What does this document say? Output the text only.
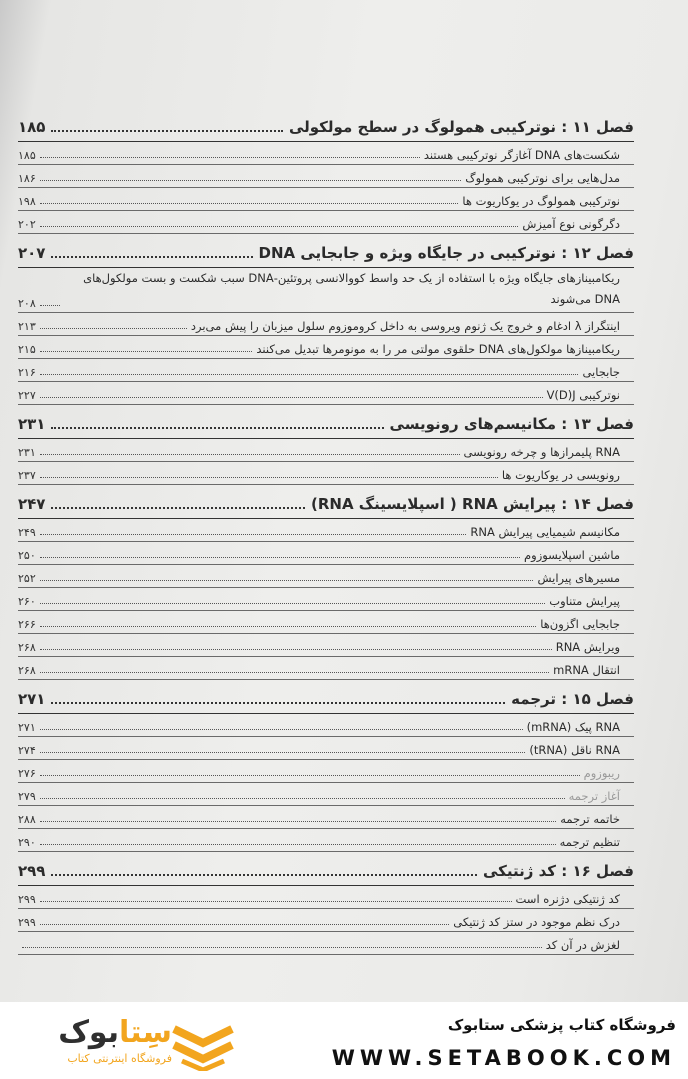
فصل ۱۱ : نوترکیبی همولوگ در سطح مولکولی
۱۸۵
شکست‌های DNA آغازگر نوترکیبی هستند
۱۸۵
مدل‌هایی برای نوترکیبی همولوگ
۱۸۶
نوترکیبی همولوگ در یوکاریوت ها
۱۹۸
دگرگونی نوع آمیزش
۲۰۲
فصل ۱۲ : نوترکیبی در جایگاه ویژه و جابجایی DNA
۲۰۷
ریکامبینازهای جایگاه ویژه با استفاده از یک حد واسط کووالانسی پروتئین-DNA سبب شکست و بست مولکول‌های DNA می‌شوند
۲۰۸
اینتگراز λ ادغام و خروج یک ژنوم ویروسی به داخل کروموزوم سلول میزبان را پیش می‌برد
۲۱۳
ریکامبینازها مولکول‌های DNA حلقوی مولتی مر را به مونومرها تبدیل می‌کنند
۲۱۵
جابجایی
۲۱۶
نوترکیبی V(D)J
۲۲۷
فصل ۱۳ : مکانیسم‌های رونویسی
۲۳۱
RNA پلیمرازها و چرخه رونویسی
۲۳۱
رونویسی در یوکاریوت ها
۲۳۷
فصل ۱۴ : پیرایش RNA ( اسپلایسینگ RNA)
۲۴۷
مکانیسم شیمیایی پیرایش RNA
۲۴۹
ماشین اسپلایسوزوم
۲۵۰
مسیرهای پیرایش
۲۵۲
پیرایش متناوب
۲۶۰
جابجایی اگزون‌ها
۲۶۶
ویرایش RNA
۲۶۸
انتقال mRNA
۲۶۸
فصل ۱۵ : ترجمه
۲۷۱
RNA پیک (mRNA)
۲۷۱
RNA ناقل (tRNA)
۲۷۴
ریبوزوم
۲۷۶
آغاز ترجمه
۲۷۹
خاتمه ترجمه
۲۸۸
تنظیم ترجمه
۲۹۰
فصل ۱۶ : کد ژنتیکی
۲۹۹
کد ژنتیکی دژنره است
۲۹۹
درک نظم موجود در ستز کد ژنتیکی
۲۹۹
لغزش در آن کد
سِتابوک
فروشگاه اینترنتی کتاب
فروشگاه کتاب پزشکی ستابوک
WWW.SETABOOK.COM
